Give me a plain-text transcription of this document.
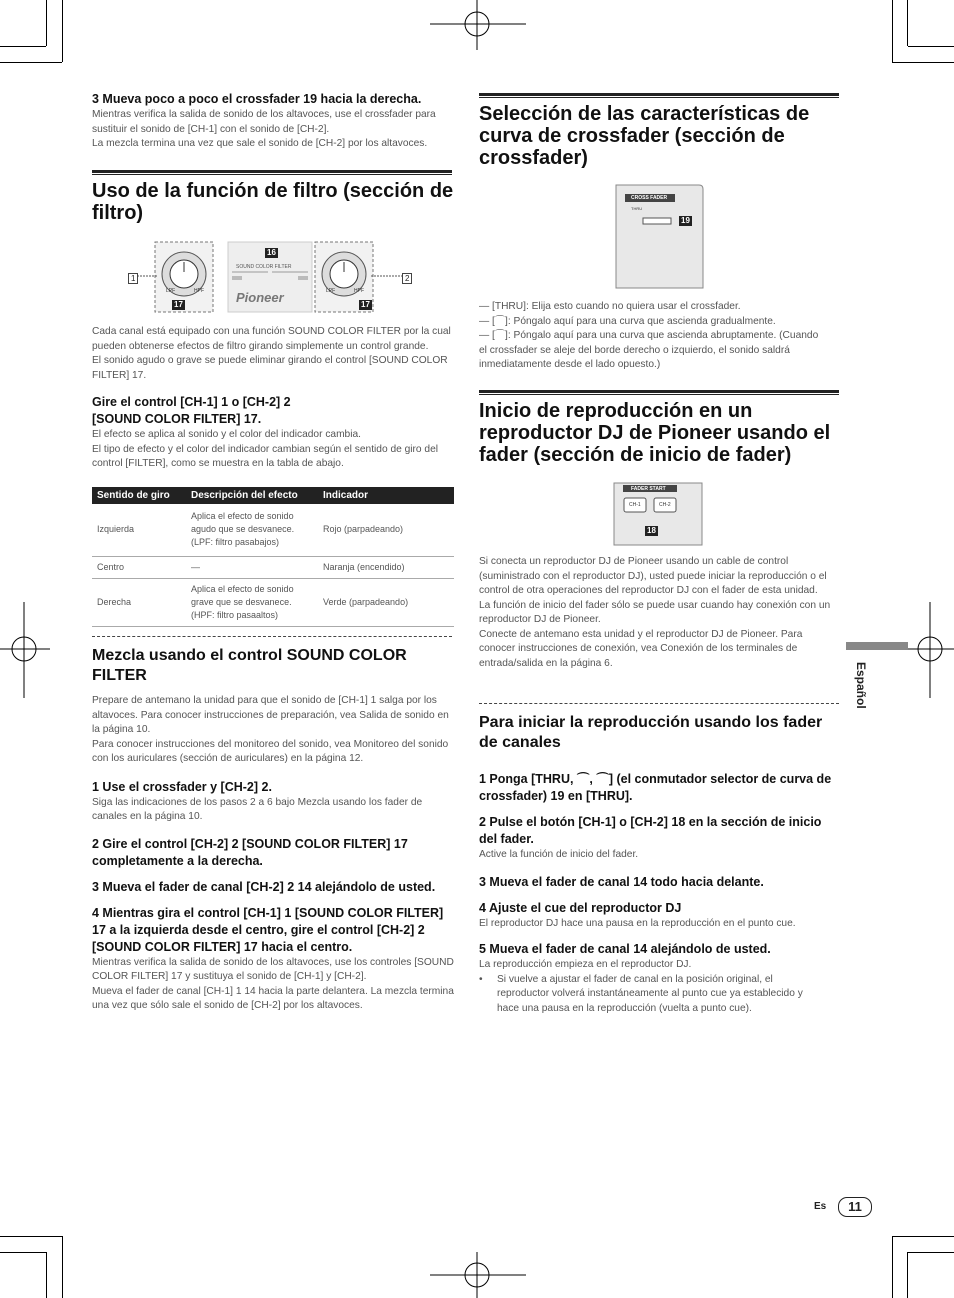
3 Mueva poco a poco el crossfader 19 hacia la derecha.

Mientras verifica la salida de sonido de los altavoces, use el crossfader para sustituir el sonido de [CH-1] con el sonido de [CH-2].

La mezcla termina una vez que sale el sonido de [CH-2] por los altavoces.

Uso de la función de filtro (sección de filtro)

SOUND COLOR FILTER
LPF	HPF	LPF	HPF
Pioneer
16
17	17
1	2

Cada canal está equipado con una función SOUND COLOR FILTER por la cual pueden obtenerse efectos de filtro girando simplemente un control grande.

El sonido agudo o grave se puede eliminar girando el control [SOUND COLOR FILTER] 17.

Gire el control [CH-1] 1 o [CH-2] 2 [SOUND COLOR FILTER] 17.

El efecto se aplica al sonido y el color del indicador cambia.

El tipo de efecto y el color del indicador cambian según el sentido de giro del control [FILTER], como se muestra en la tabla de abajo.

Sentido de giro	Descripción del efecto	Indicador
Izquierda	Aplica el efecto de sonido agudo que se desvanece. (LPF: filtro pasabajos)	Rojo (parpadeando)
Centro	—	Naranja (encendido)
Derecha	Aplica el efecto de sonido grave que se desvanece. (HPF: filtro pasaaltos)	Verde (parpadeando)

Mezcla usando el control SOUND COLOR FILTER

Prepare de antemano la unidad para que el sonido de [CH-1] 1 salga por los altavoces. Para conocer instrucciones de preparación, vea Salida de sonido en la página 10.

Para conocer instrucciones del monitoreo del sonido, vea Monitoreo del sonido con los auriculares (sección de auriculares) en la página 12.

1 Use el crossfader y [CH-2] 2.

Siga las indicaciones de los pasos 2 a 6 bajo Mezcla usando los fader de canales en la página 10.

2 Gire el control [CH-2] 2 [SOUND COLOR FILTER] 17 completamente a la derecha.

3 Mueva el fader de canal [CH-2] 2 14 alejándolo de usted.

4 Mientras gira el control [CH-1] 1 [SOUND COLOR FILTER] 17 a la izquierda desde el centro, gire el control [CH-2] 2 [SOUND COLOR FILTER] 17 hacia el centro.

Mientras verifica la salida de sonido de los altavoces, use los controles [SOUND COLOR FILTER] 17 y sustituya el sonido de [CH-1] y [CH-2].

Mueva el fader de canal [CH-1] 1 14 hacia la parte delantera. La mezcla termina una vez que sólo sale el sonido de [CH-2] por los altavoces.

Selección de las características de curva de crossfader (sección de crossfader)

CROSS FADER
THRU
19

— [THRU]: Elija esto cuando no quiera usar el crossfader.

— [⌒]: Póngalo aquí para una curva que ascienda gradualmente.

— [⌒]: Póngalo aquí para una curva que ascienda abruptamente. (Cuando el crossfader se aleje del borde derecho o izquierdo, el sonido saldrá inmediatamente desde el lado opuesto.)

Inicio de reproducción en un reproductor DJ de Pioneer usando el fader (sección de inicio de fader)

FADER START
CH-1	CH-2
18

Si conecta un reproductor DJ de Pioneer usando un cable de control (suministrado con el reproductor DJ), usted puede iniciar la reproducción o el control de otra operaciones del reproductor DJ con el fader de esta unidad.

La función de inicio del fader sólo se puede usar cuando hay conexión con un reproductor DJ de Pioneer.

Conecte de antemano esta unidad y el reproductor DJ de Pioneer. Para conocer instrucciones de conexión, vea Conexión de los terminales de entrada/salida en la página 6.

Para iniciar la reproducción usando los fader de canales

1 Ponga [THRU, ⌒, ⌒] (el conmutador selector de curva de crossfader) 19 en [THRU].

2 Pulse el botón [CH-1] o [CH-2] 18 en la sección de inicio del fader.

Active la función de inicio del fader.

3 Mueva el fader de canal 14 todo hacia delante.

4 Ajuste el cue del reproductor DJ

El reproductor DJ hace una pausa en la reproducción en el punto cue.

5 Mueva el fader de canal 14 alejándolo de usted.

La reproducción empieza en el reproductor DJ.

• Si vuelve a ajustar el fader de canal en la posición original, el reproductor volverá instantáneamente al punto cue ya establecido y hace una pausa en la reproducción (vuelta a punto cue).

Español
Es	11
